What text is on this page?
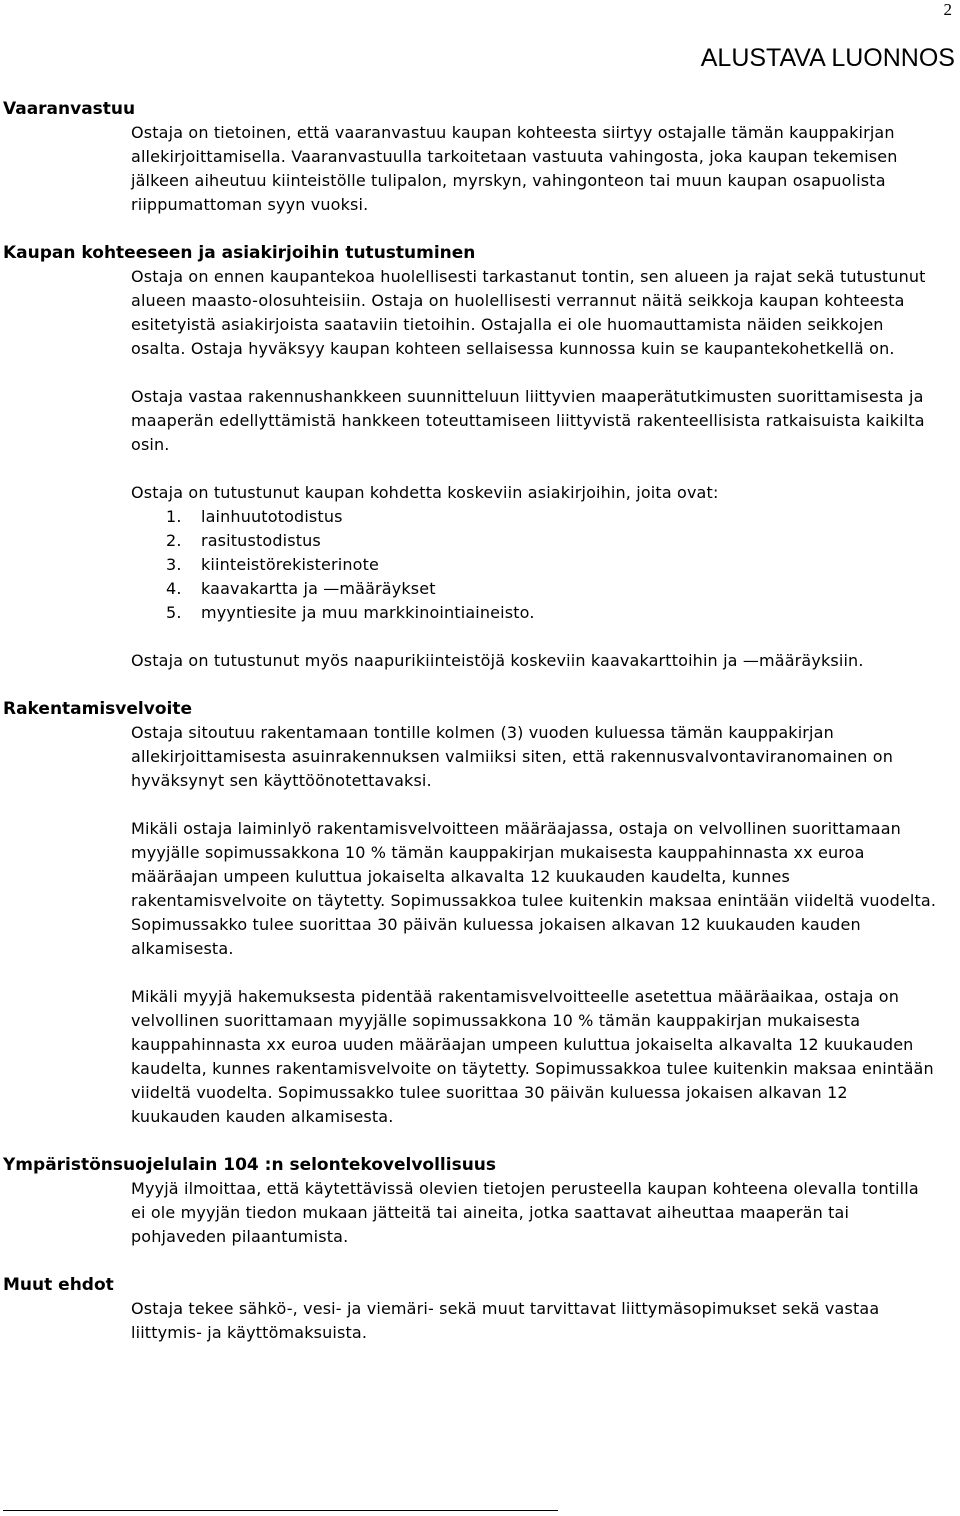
2
ALUSTAVA LUONNOS
Vaaranvastuu

Ostaja on tietoinen, että vaaranvastuu kaupan kohteesta siirtyy ostajalle tämän kauppakirjan allekirjoittamisella. Vaaranvastuulla tarkoitetaan vastuuta vahingosta, joka kaupan tekemisen jälkeen aiheutuu kiinteistölle tulipalon, myrskyn, vahingonteon tai muun kaupan osapuolista riippumattoman syyn vuoksi.

Kaupan kohteeseen ja asiakirjoihin tutustuminen

Ostaja on ennen kaupantekoa huolellisesti tarkastanut tontin, sen alueen ja rajat sekä tutustunut alueen maasto-olosuhteisiin. Ostaja on huolellisesti verrannut näitä seikkoja kaupan kohteesta esitetyistä asiakirjoista saataviin tietoihin. Ostajalla ei ole huomauttamista näiden seikkojen osalta. Ostaja hyväksyy kaupan kohteen sellaisessa kunnossa kuin se kaupantekohetkellä on.

Ostaja vastaa rakennushankkeen suunnitteluun liittyvien maaperätutkimusten suorittamisesta ja maaperän edellyttämistä hankkeen toteuttamiseen liittyvistä rakenteellisista ratkaisuista kaikilta osin.

Ostaja on tutustunut kaupan kohdetta koskeviin asiakirjoihin, joita ovat:

1. lainhuutotodistus
2. rasitustodistus
3. kiinteistörekisterinote
4. kaavakartta ja —määräykset
5. myyntiesite ja muu markkinointiaineisto.

Ostaja on tutustunut myös naapurikiinteistöjä koskeviin kaavakarttoihin ja —määräyksiin.

Rakentamisvelvoite

Ostaja sitoutuu rakentamaan tontille kolmen (3) vuoden kuluessa tämän kauppakirjan allekirjoittamisesta asuinrakennuksen valmiiksi siten, että rakennusvalvontaviranomainen on hyväksynyt sen käyttöönotettavaksi.

Mikäli ostaja laiminlyö rakentamisvelvoitteen määräajassa, ostaja on velvollinen suorittamaan myyjälle sopimussakkona 10 % tämän kauppakirjan mukaisesta kauppahinnasta xx euroa määräajan umpeen kuluttua jokaiselta alkavalta 12 kuukauden kaudelta, kunnes rakentamisvelvoite on täytetty. Sopimussakkoa tulee kuitenkin maksaa enintään viideltä vuodelta. Sopimussakko tulee suorittaa 30 päivän kuluessa jokaisen alkavan 12 kuukauden kauden alkamisesta.

Mikäli myyjä hakemuksesta pidentää rakentamisvelvoitteelle asetettua määräaikaa, ostaja on velvollinen suorittamaan myyjälle sopimussakkona 10 % tämän kauppakirjan mukaisesta kauppahinnasta xx euroa uuden määräajan umpeen kuluttua jokaiselta alkavalta 12 kuukauden kaudelta, kunnes rakentamisvelvoite on täytetty. Sopimussakkoa tulee kuitenkin maksaa enintään viideltä vuodelta. Sopimussakko tulee suorittaa 30 päivän kuluessa jokaisen alkavan 12 kuukauden kauden alkamisesta.

Ympäristönsuojelulain 104 :n selontekovelvollisuus

Myyjä ilmoittaa, että käytettävissä olevien tietojen perusteella kaupan kohteena olevalla tontilla ei ole myyjän tiedon mukaan jätteitä tai aineita, jotka saattavat aiheuttaa maaperän tai pohjaveden pilaantumista.

Muut ehdot

Ostaja tekee sähkö-, vesi- ja viemäri- sekä muut tarvittavat liittymäsopimukset sekä vastaa liittymis- ja käyttömaksuista.
